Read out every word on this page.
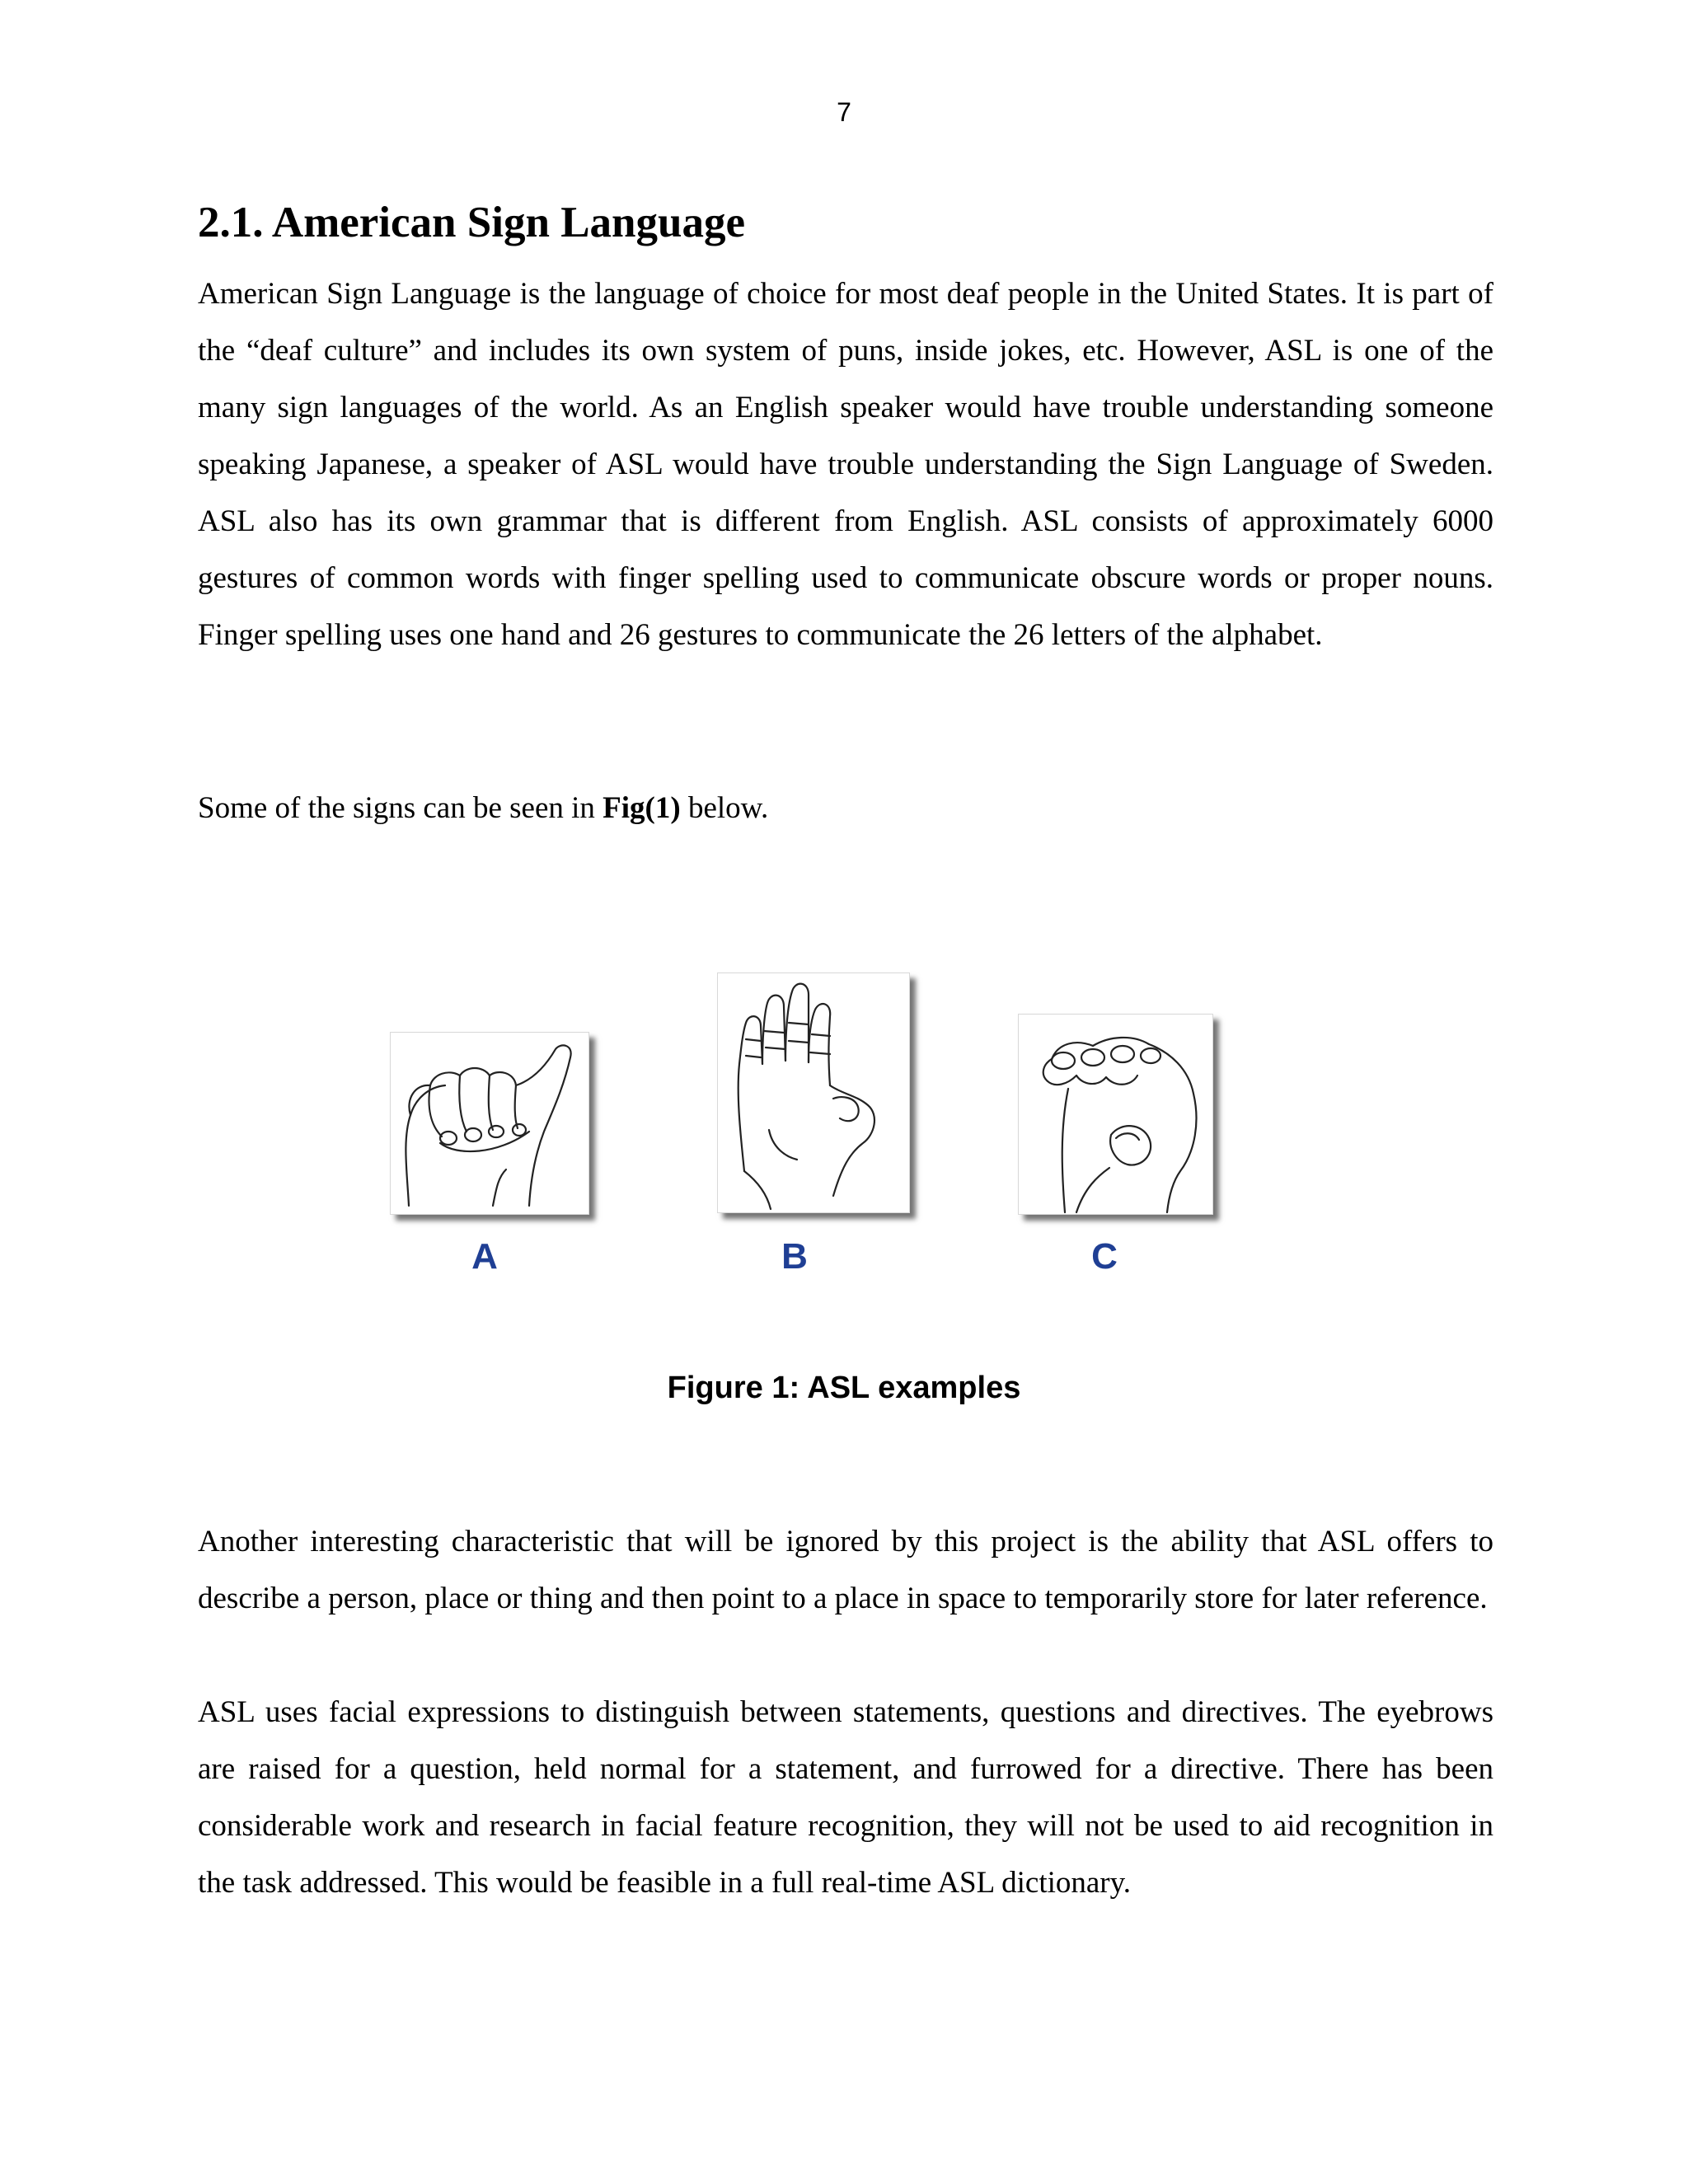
7
2.1. American Sign Language

American Sign Language is the language of choice for most deaf people in the United States. It is part of the “deaf culture” and includes its own system of puns, inside jokes, etc. However, ASL is one of the many sign languages of the world. As an English speaker would have trouble understanding someone speaking Japanese, a speaker of ASL would have trouble understanding the Sign Language of Sweden. ASL also has its own grammar that is different from English. ASL consists of approximately 6000 gestures of common words with finger spelling used to communicate obscure words or proper nouns. Finger spelling uses one hand and 26 gestures to communicate the 26 letters of the alphabet.

Some of the signs can be seen in Fig(1) below.

A	B	C
Figure 1: ASL examples

Another interesting characteristic that will be ignored by this project is the ability that ASL offers to describe a person, place or thing and then point to a place in space to temporarily store for later reference.

ASL uses facial expressions to distinguish between statements, questions and directives. The eyebrows are raised for a question, held normal for a statement, and furrowed for a directive. There has been considerable work and research in facial feature recognition, they will not be used to aid recognition in the task addressed. This would be feasible in a full real-time ASL dictionary.
